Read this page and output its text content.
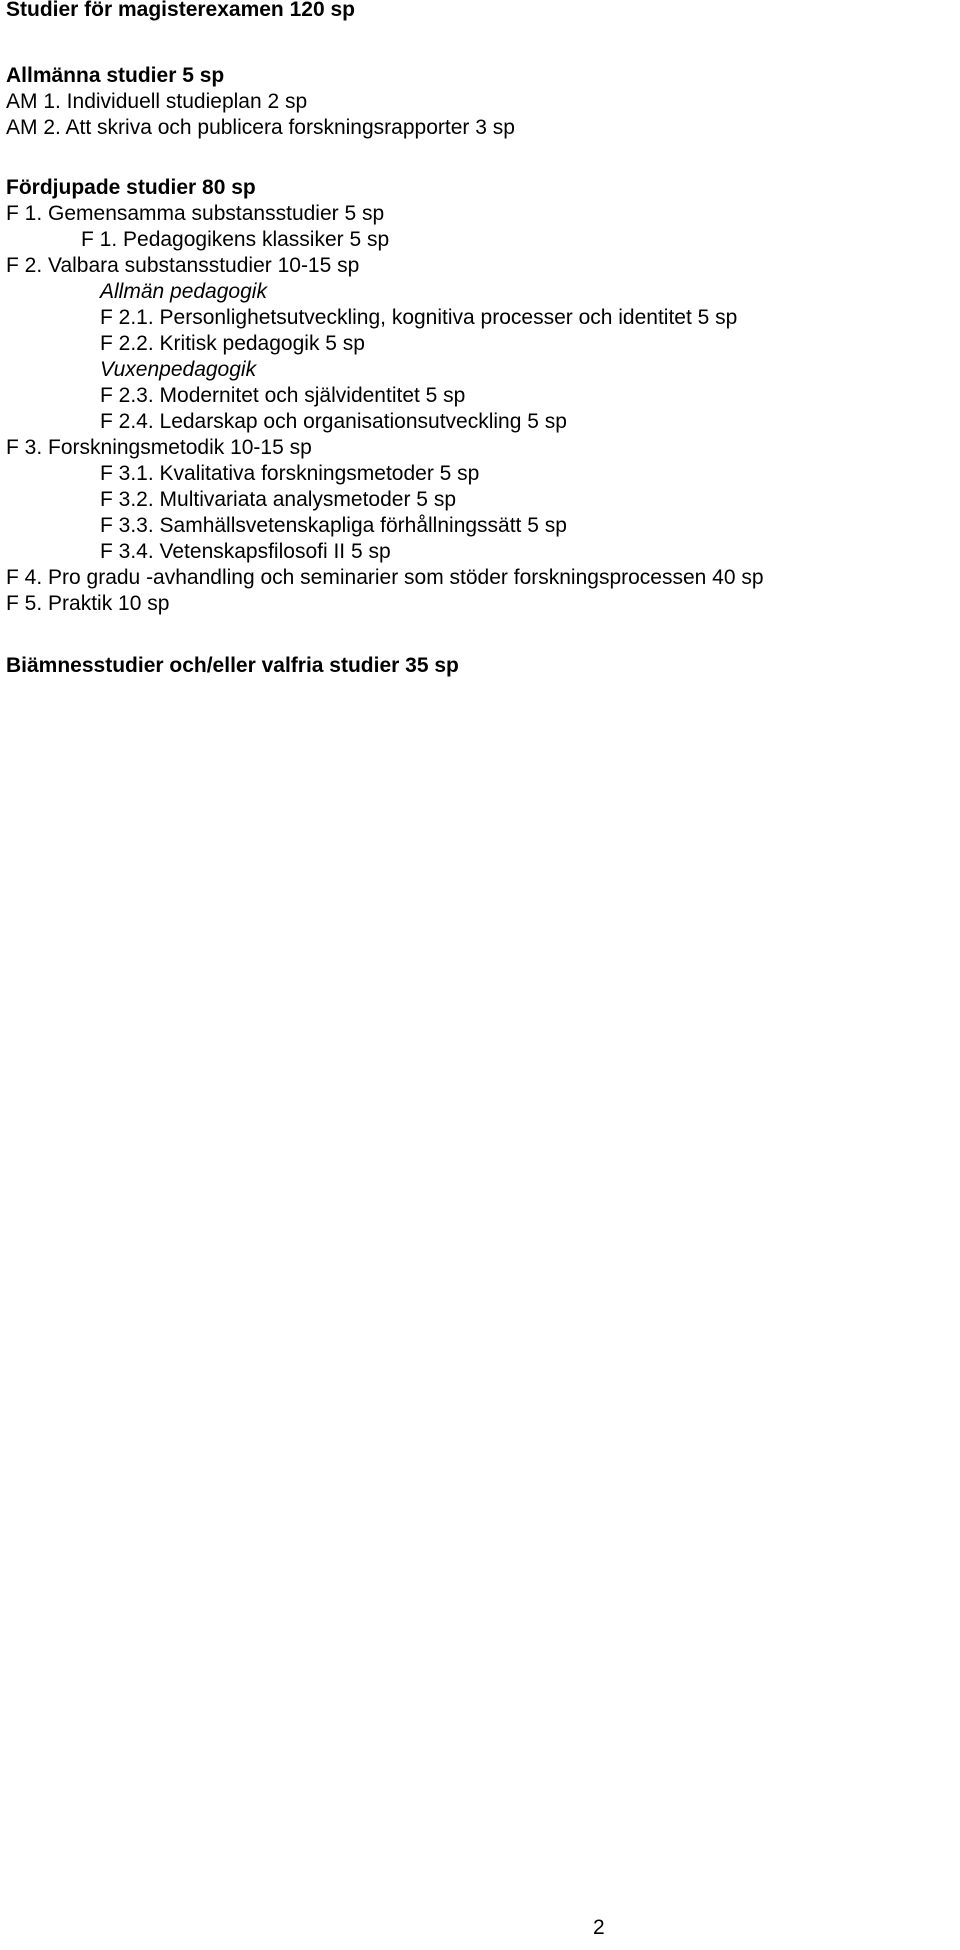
Studier för magisterexamen 120 sp
Allmänna studier 5 sp
AM 1. Individuell studieplan 2 sp
AM 2. Att skriva och publicera forskningsrapporter 3 sp
Fördjupade studier 80 sp
F 1. Gemensamma substansstudier 5 sp
F 1. Pedagogikens klassiker 5 sp
F 2. Valbara substansstudier 10-15 sp
Allmän pedagogik
F 2.1. Personlighetsutveckling, kognitiva processer och identitet 5 sp
F 2.2. Kritisk pedagogik 5 sp
Vuxenpedagogik
F 2.3. Modernitet och självidentitet 5 sp
F 2.4. Ledarskap och organisationsutveckling 5 sp
F 3. Forskningsmetodik 10-15 sp
F 3.1. Kvalitativa forskningsmetoder 5 sp
F 3.2. Multivariata analysmetoder 5 sp
F 3.3. Samhällsvetenskapliga förhållningssätt 5 sp
F 3.4. Vetenskapsfilosofi II 5 sp
F 4. Pro gradu -avhandling och seminarier som stöder forskningsprocessen 40 sp
F 5. Praktik 10 sp
Biämnesstudier och/eller valfria studier 35 sp
2
